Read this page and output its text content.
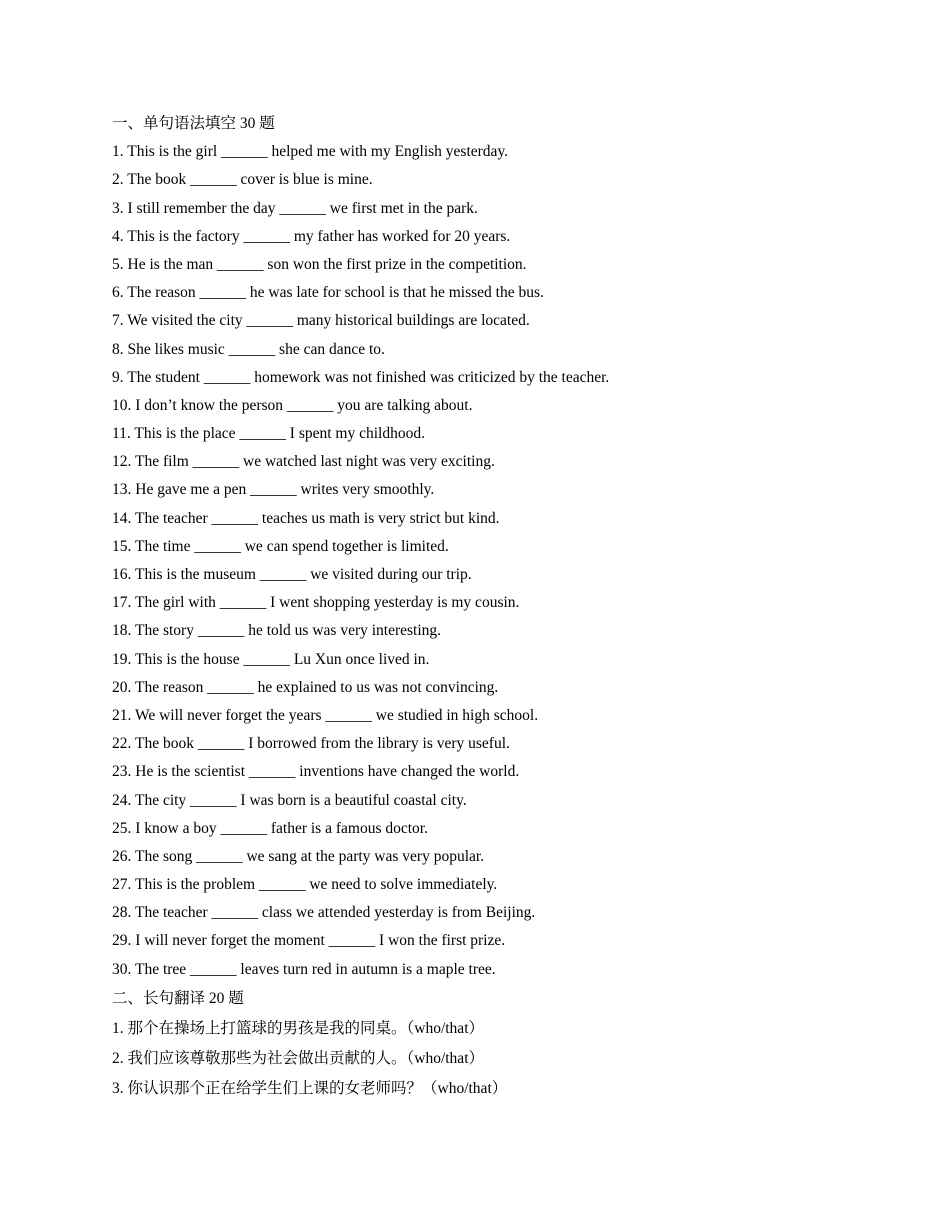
一、单句语法填空 30 题
1. This is the girl ______ helped me with my English yesterday.
2. The book ______ cover is blue is mine.
3. I still remember the day ______ we first met in the park.
4. This is the factory ______ my father has worked for 20 years.
5. He is the man ______ son won the first prize in the competition.
6. The reason ______ he was late for school is that he missed the bus.
7. We visited the city ______ many historical buildings are located.
8. She likes music ______ she can dance to.
9. The student ______ homework was not finished was criticized by the teacher.
10. I don’t know the person ______ you are talking about.
11. This is the place ______ I spent my childhood.
12. The film ______ we watched last night was very exciting.
13. He gave me a pen ______ writes very smoothly.
14. The teacher ______ teaches us math is very strict but kind.
15. The time ______ we can spend together is limited.
16. This is the museum ______ we visited during our trip.
17. The girl with ______ I went shopping yesterday is my cousin.
18. The story ______ he told us was very interesting.
19. This is the house ______ Lu Xun once lived in.
20. The reason ______ he explained to us was not convincing.
21. We will never forget the years ______ we studied in high school.
22. The book ______ I borrowed from the library is very useful.
23. He is the scientist ______ inventions have changed the world.
24. The city ______ I was born is a beautiful coastal city.
25. I know a boy ______ father is a famous doctor.
26. The song ______ we sang at the party was very popular.
27. This is the problem ______ we need to solve immediately.
28. The teacher ______ class we attended yesterday is from Beijing.
29. I will never forget the moment ______ I won the first prize.
30. The tree ______ leaves turn red in autumn is a maple tree.
二、长句翻译 20 题
1. 那个在操场上打篮球的男孩是我的同桌。（who/that）
2. 我们应该尊敬那些为社会做出贡献的人。（who/that）
3. 你认识那个正在给学生们上课的女老师吗？（who/that）
